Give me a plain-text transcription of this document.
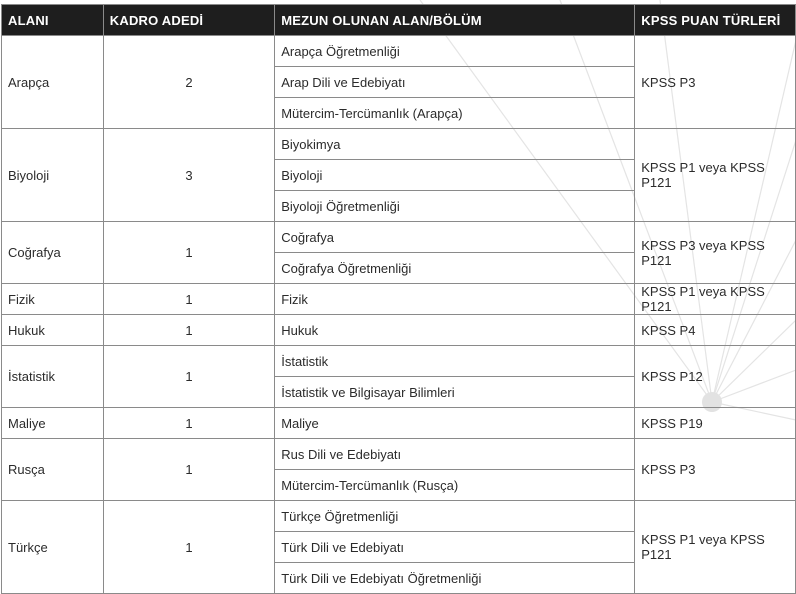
ALANI	KADRO ADEDİ	MEZUN OLUNAN ALAN/BÖLÜM	KPSS PUAN TÜRLERİ
Arapça	2	Arapça Öğretmenliği	KPSS P3
		Arap Dili ve Edebiyatı	
		Mütercim-Tercümanlık (Arapça)	
Biyoloji	3	Biyokimya	KPSS P1 veya KPSS P121
		Biyoloji	
		Biyoloji Öğretmenliği	
Coğrafya	1	Coğrafya	KPSS P3 veya KPSS P121
		Coğrafya Öğretmenliği	
Fizik	1	Fizik	KPSS P1 veya KPSS P121
Hukuk	1	Hukuk	KPSS P4
İstatistik	1	İstatistik	KPSS P12
		İstatistik ve Bilgisayar Bilimleri	
Maliye	1	Maliye	KPSS P19
Rusça	1	Rus Dili ve Edebiyatı	KPSS P3
		Mütercim-Tercümanlık (Rusça)	
Türkçe	1	Türkçe Öğretmenliği	KPSS P1 veya KPSS P121
		Türk Dili ve Edebiyatı	
		Türk Dili ve Edebiyatı Öğretmenliği	
